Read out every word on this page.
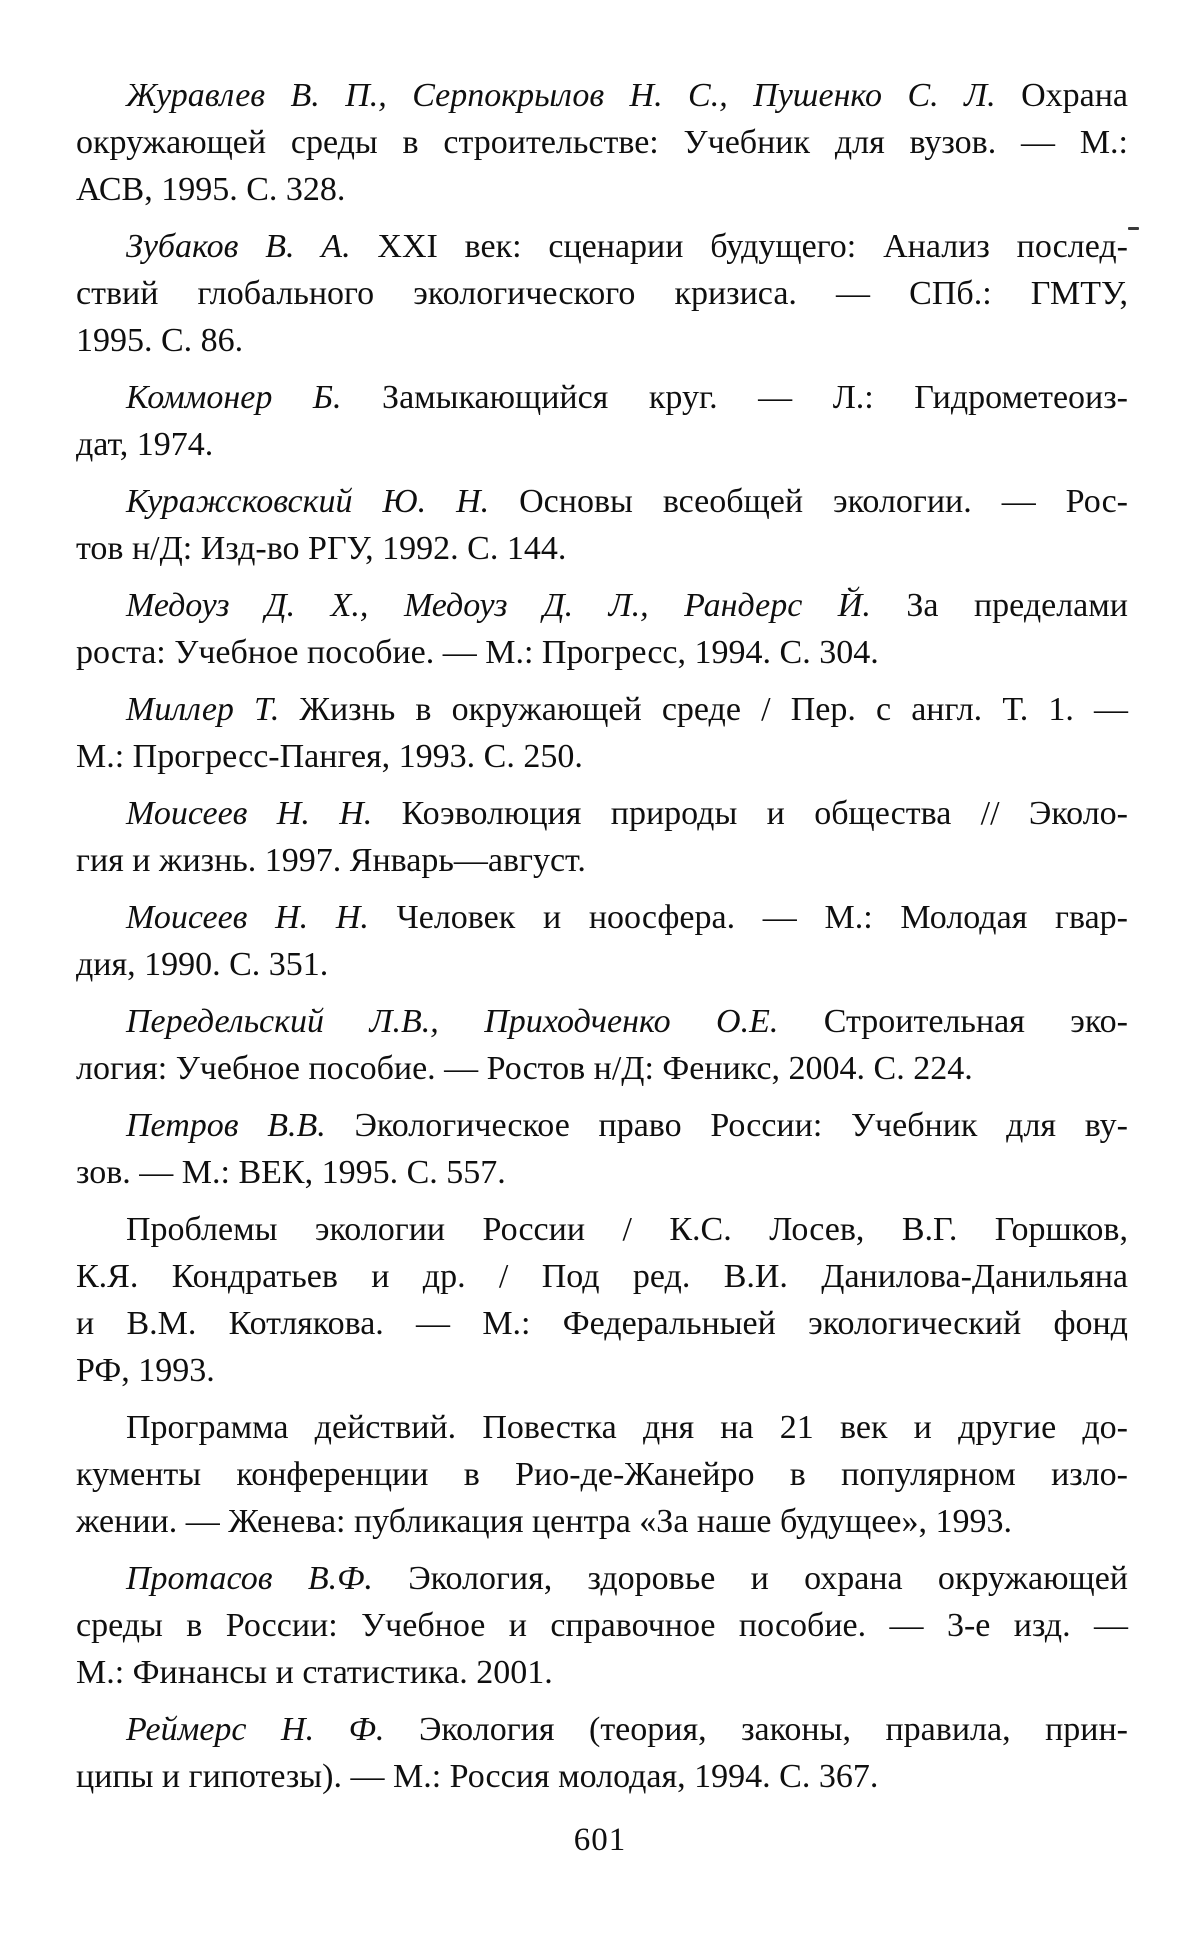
Журавлев В. П., Серпокрылов Н. С., Пушенко С. Л. Охрана
окружающей среды в строительстве: Учебник для вузов. — М.:
АСВ, 1995. С. 328.
Зубаков В. А. XXI век: сценарии будущего: Анализ послед-
ствий глобального экологического кризиса. — СПб.: ГМТУ,
1995. С. 86.
Коммонер Б. Замыкающийся круг. — Л.: Гидрометеоиз-
дат, 1974.
Куражсковский Ю. Н. Основы всеобщей экологии. — Рос-
тов н/Д: Изд-во РГУ, 1992. С. 144.
Медоуз Д. Х., Медоуз Д. Л., Рандерс Й. За пределами
роста: Учебное пособие. — М.: Прогресс, 1994. С. 304.
Миллер Т. Жизнь в окружающей среде / Пер. с англ. Т. 1. —
М.: Прогресс-Пангея, 1993. С. 250.
Моисеев Н. Н. Коэволюция природы и общества // Эколо-
гия и жизнь. 1997. Январь—август.
Моисеев Н. Н. Человек и ноосфера. — М.: Молодая гвар-
дия, 1990. С. 351.
Передельский Л.В., Приходченко О.Е. Строительная эко-
логия: Учебное пособие. — Ростов н/Д: Феникс, 2004. С. 224.
Петров В.В. Экологическое право России: Учебник для ву-
зов. — М.: ВЕК, 1995. С. 557.
Проблемы экологии России / К.С. Лосев, В.Г. Горшков,
К.Я. Кондратьев и др. / Под ред. В.И. Данилова-Данильяна
и В.М. Котлякова. — М.: Федеральныей экологический фонд
РФ, 1993.
Программа действий. Повестка дня на 21 век и другие до-
кументы конференции в Рио-де-Жанейро в популярном изло-
жении. — Женева: публикация центра «За наше будущее», 1993.
Протасов В.Ф. Экология, здоровье и охрана окружающей
среды в России: Учебное и справочное пособие. — 3-е изд. —
М.: Финансы и статистика. 2001.
Реймерс Н. Ф. Экология (теория, законы, правила, прин-
ципы и гипотезы). — М.: Россия молодая, 1994. С. 367.
601
